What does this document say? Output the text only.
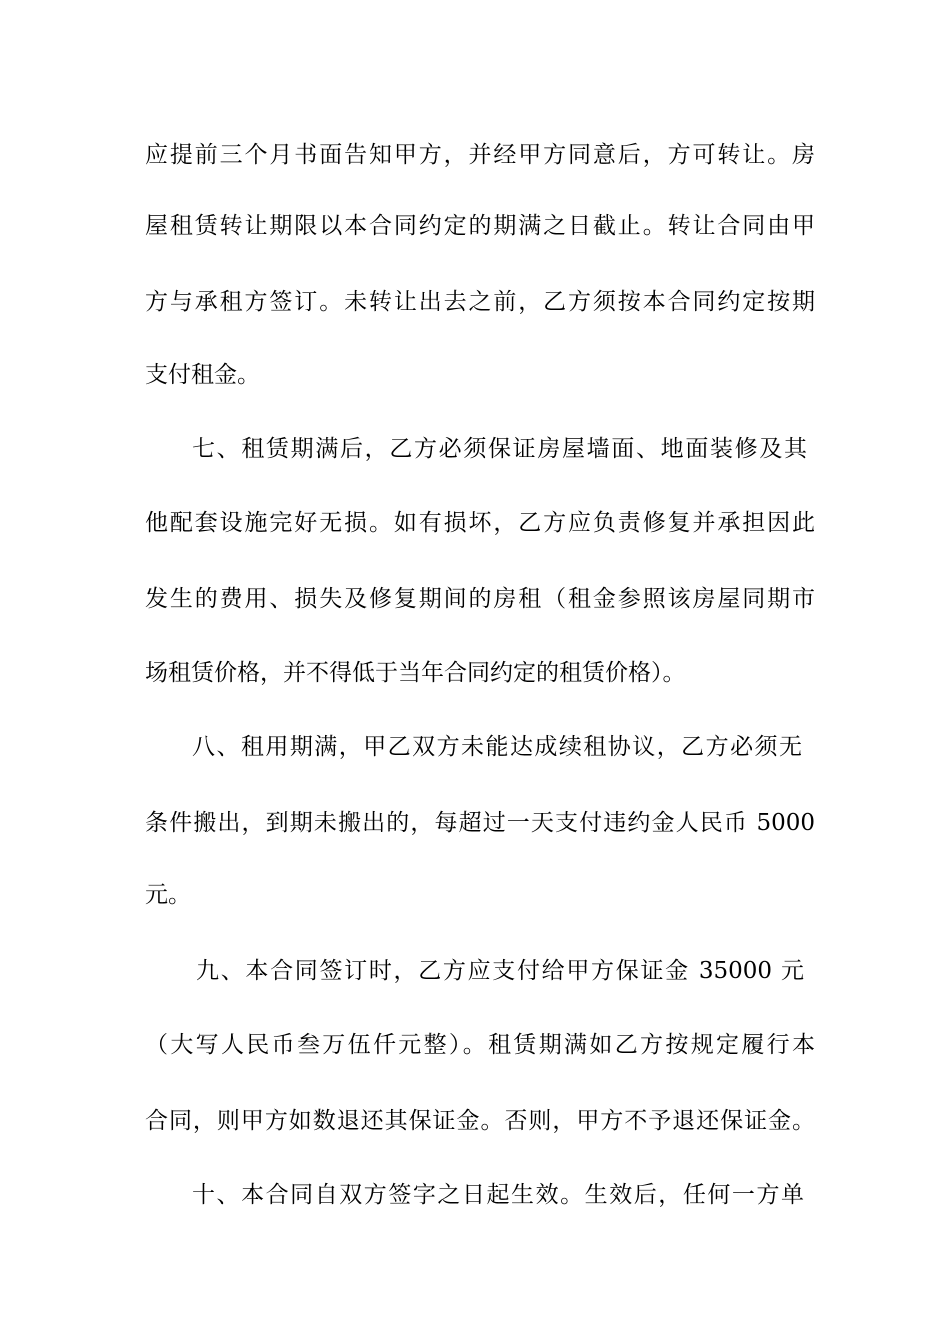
应提前三个月书面告知甲方，并经甲方同意后，方可转让。房
屋租赁转让期限以本合同约定的期满之日截止。转让合同由甲
方与承租方签订。未转让出去之前，乙方须按本合同约定按期
支付租金。
七、租赁期满后，乙方必须保证房屋墙面、地面装修及其
他配套设施完好无损。如有损坏，乙方应负责修复并承担因此
发生的费用、损失及修复期间的房租（租金参照该房屋同期市
场租赁价格，并不得低于当年合同约定的租赁价格）。
八、租用期满，甲乙双方未能达成续租协议，乙方必须无
条件搬出，到期未搬出的，每超过一天支付违约金人民币 5000
元。
九、本合同签订时，乙方应支付给甲方保证金 35000 元
（大写人民币叁万伍仟元整）。租赁期满如乙方按规定履行本
合同，则甲方如数退还其保证金。否则，甲方不予退还保证金。
十、本合同自双方签字之日起生效。生效后，任何一方单
